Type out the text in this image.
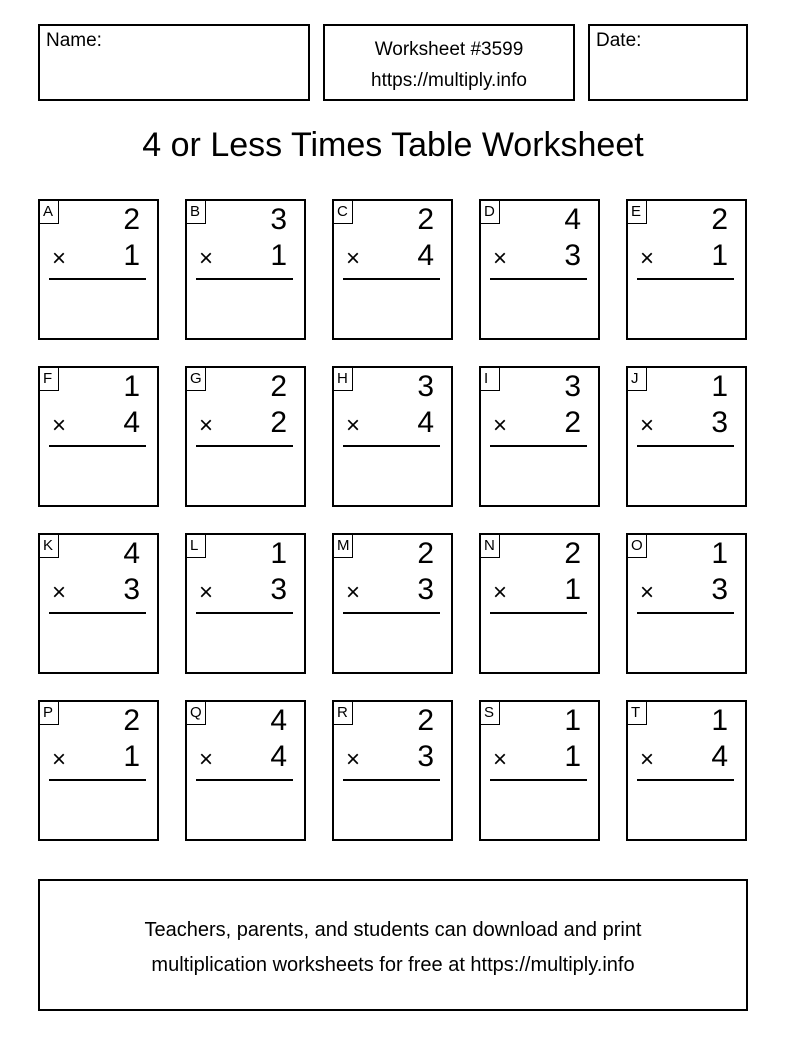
Name:	Worksheet #3599
https://multiply.info
Date:
4 or Less Times Table Worksheet
A 2
× 1
B 3
× 1
C 2
× 4
D 4
× 3
E 2
× 1
F 1
× 4
G 2
× 2
H 3
× 4
I	3
× 2
J 1
× 3
K 4
× 3
L 1
× 3
M 2
× 3
N 2
× 1
O 1
× 3
P 2
× 1
Q 4
× 4
R 2
× 3
S 1
× 1
T 1
× 4
Teachers, parents, and students can download and print
multiplication worksheets for free at https://multiply.info
